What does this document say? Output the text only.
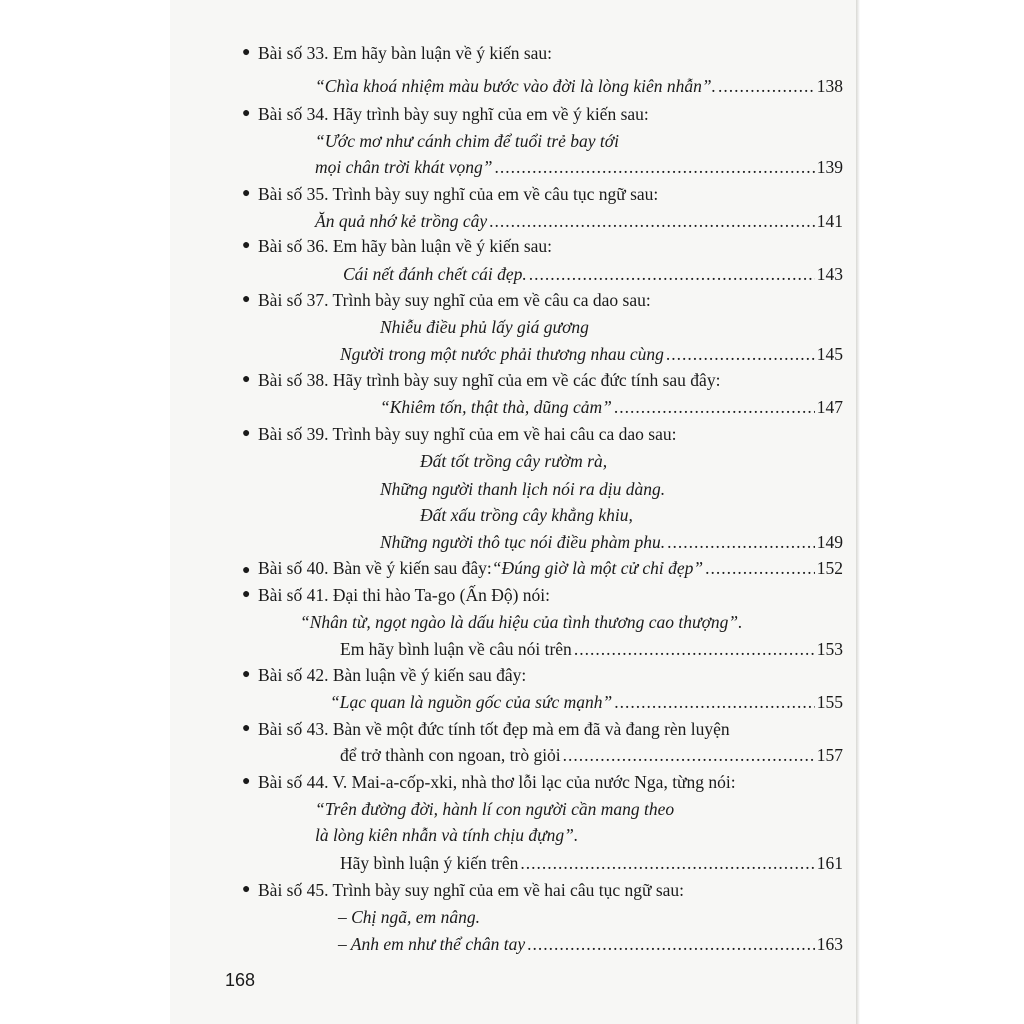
● Bài số 33. Em hãy bàn luận về ý kiến sau:
“Chìa khoá nhiệm màu bước vào đời là lòng kiên nhẫn”. .....	138
● Bài số 34. Hãy trình bày suy nghĩ của em về ý kiến sau:
“Ước mơ như cánh chim để tuổi trẻ bay tới
mọi chân trời khát vọng” .....	139
● Bài số 35. Trình bày suy nghĩ của em về câu tục ngữ sau:
Ăn quả nhớ kẻ trồng cây .....	141
● Bài số 36. Em hãy bàn luận về ý kiến sau:
Cái nết đánh chết cái đẹp. .....	143
● Bài số 37. Trình bày suy nghĩ của em về câu ca dao sau:
Nhiễu điều phủ lấy giá gương
Người trong một nước phải thương nhau cùng .....	145
● Bài số 38. Hãy trình bày suy nghĩ của em về các đức tính sau đây:
“Khiêm tốn, thật thà, dũng cảm” .....	147
● Bài số 39. Trình bày suy nghĩ của em về hai câu ca dao sau:
Đất tốt trồng cây rườm rà,
Những người thanh lịch nói ra dịu dàng.
Đất xấu trồng cây khẳng khiu,
Những người thô tục nói điều phàm phu. .....	149
● Bài số 40. Bàn về ý kiến sau đây: “Đúng giờ là một cử chỉ đẹp” .....	152
● Bài số 41. Đại thi hào Ta-go (Ấn Độ) nói:
“Nhân từ, ngọt ngào là dấu hiệu của tình thương cao thượng”.
Em hãy bình luận về câu nói trên .....	153
● Bài số 42. Bàn luận về ý kiến sau đây:
“Lạc quan là nguồn gốc của sức mạnh” .....	155
● Bài số 43. Bàn về một đức tính tốt đẹp mà em đã và đang rèn luyện
để trở thành con ngoan, trò giỏi .....	157
● Bài số 44. V. Mai-a-cốp-xki, nhà thơ lỗi lạc của nước Nga, từng nói:
“Trên đường đời, hành lí con người cần mang theo
là lòng kiên nhẫn và tính chịu đựng”.
Hãy bình luận ý kiến trên .....	161
● Bài số 45. Trình bày suy nghĩ của em về hai câu tục ngữ sau:
– Chị ngã, em nâng.
– Anh em như thể chân tay .....	163
168
